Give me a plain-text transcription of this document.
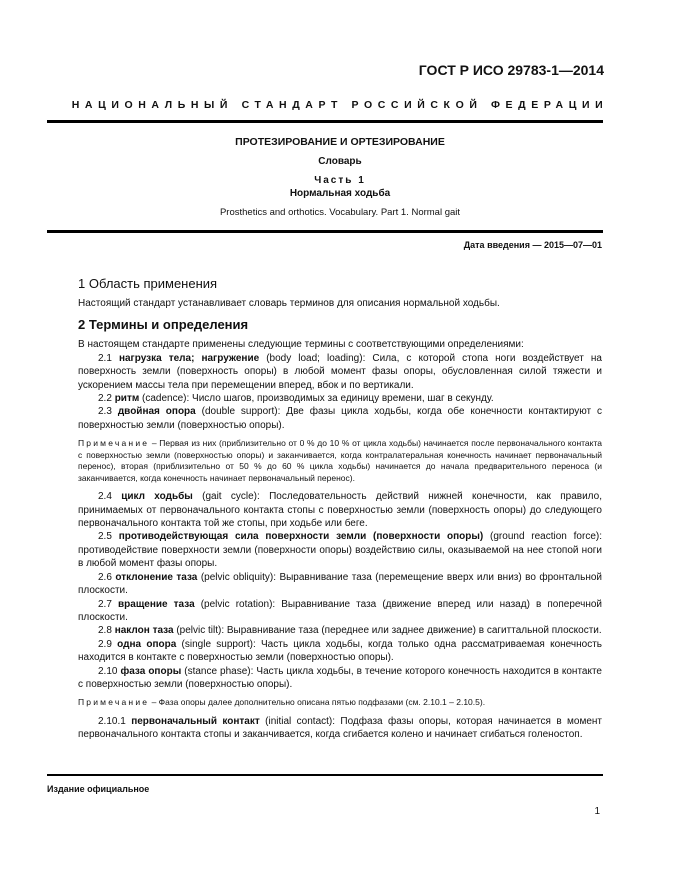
ГОСТ Р ИСО 29783-1—2014
НАЦИОНАЛЬНЫЙ СТАНДАРТ РОССИЙСКОЙ ФЕДЕРАЦИИ
ПРОТЕЗИРОВАНИЕ И ОРТЕЗИРОВАНИЕ
Словарь
Часть 1
Нормальная ходьба
Prosthetics and orthotics. Vocabulary. Part 1. Normal gait
Дата введения — 2015—07—01
1 Область применения

Настоящий стандарт устанавливает словарь терминов для описания нормальной ходьбы.

2 Термины и определения

В настоящем стандарте применены следующие термины с соответствующими определениями:

2.1 нагрузка тела; нагружение (body load; loading): Сила, с которой стопа ноги воздействует на поверхность земли (поверхность опоры) в любой момент фазы опоры, обусловленная силой тяжести и ускорением массы тела при перемещении вперед, вбок и по вертикали.

2.2 ритм (cadence): Число шагов, производимых за единицу времени, шаг в секунду.

2.3 двойная опора (double support): Две фазы цикла ходьбы, когда обе конечности контактируют с поверхностью земли (поверхностью опоры).

Примечание – Первая из них (приблизительно от 0 % до 10 % от цикла ходьбы) начинается после первоначального контакта с поверхностью земли (поверхностью опоры) и заканчивается, когда контралатеральная конечность начинает первоначальный перенос), вторая (приблизительно от 50 % до 60 % цикла ходьбы) начинается до начала предварительного переноса (и заканчивается, когда конечность начинает первоначальный перенос).

2.4 цикл ходьбы (gait cycle): Последовательность действий нижней конечности, как правило, принимаемых от первоначального контакта стопы с поверхностью земли (поверхность опоры) до следующего первоначального контакта той же стопы, при ходьбе или беге.

2.5 противодействующая сила поверхности земли (поверхности опоры) (ground reaction force): противодействие поверхности земли (поверхности опоры) воздействию силы, оказываемой на нее стопой ноги в любой момент фазы опоры.

2.6 отклонение таза (pelvic obliquity): Выравнивание таза (перемещение вверх или вниз) во фронтальной плоскости.

2.7 вращение таза (pelvic rotation): Выравнивание таза (движение вперед или назад) в поперечной плоскости.

2.8 наклон таза (pelvic tilt): Выравнивание таза (переднее или заднее движение) в сагиттальной плоскости.

2.9 одна опора (single support): Часть цикла ходьбы, когда только одна рассматриваемая конечность находится в контакте с поверхностью земли (поверхностью опоры).

2.10 фаза опоры (stance phase): Часть цикла ходьбы, в течение которого конечность находится в контакте с поверхностью земли (поверхностью опоры).

Примечание – Фаза опоры далее дополнительно описана пятью подфазами (см. 2.10.1 – 2.10.5).

2.10.1 первоначальный контакт (initial contact): Подфаза фазы опоры, которая начинается в момент первоначального контакта стопы и заканчивается, когда сгибается колено и начинает сгибаться голеностоп.

Издание официальное
1
